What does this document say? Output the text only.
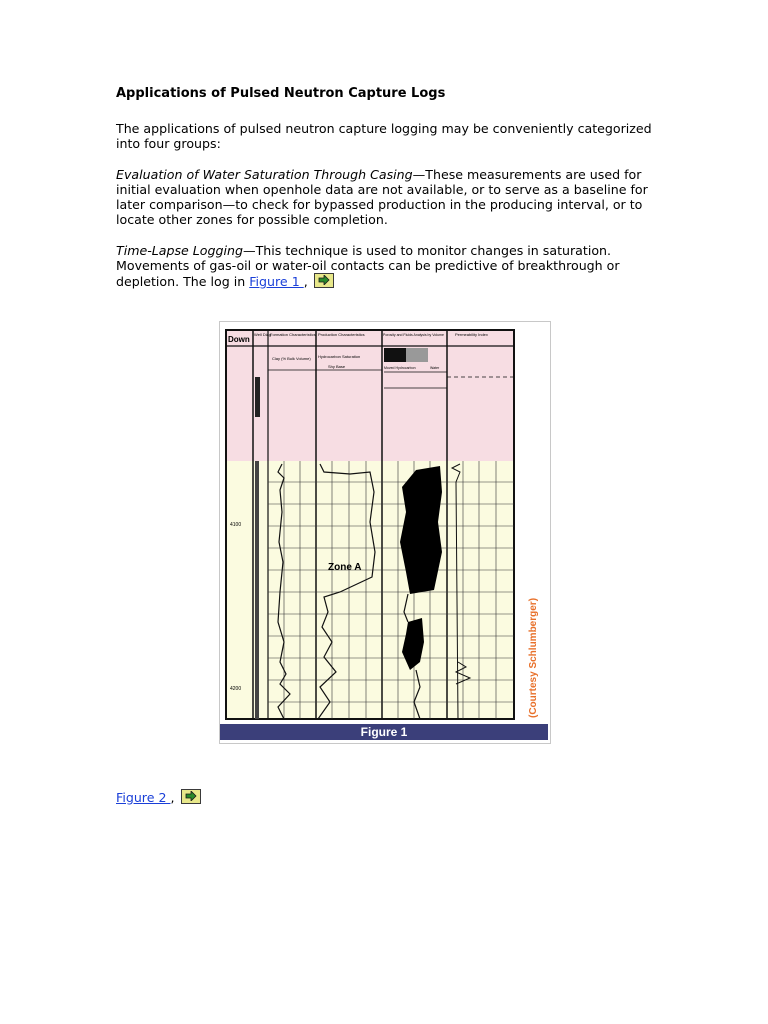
Applications of Pulsed Neutron Capture Logs

The applications of pulsed neutron capture logging may be conveniently categorized into four groups:

Evaluation of Water Saturation Through Casing—These measurements are used for initial evaluation when openhole data are not available, or to serve as a baseline for later comparison—to check for bypassed production in the producing interval, or to locate other zones for possible completion.

Time-Lapse Logging—This technique is used to monitor changes in saturation. Movements of gas-oil or water-oil contacts can be predictive of breakthrough or depletion. The log in Figure 1 ,

Down
Well Diag.
Formation Characteristics Production Characteristics	Porosity and Fluids Analysis by Volume	Permeability Index
Clay (% Bulk Volume) Hydrocarbon Saturation
Shy Base	Moved Hydrocarbon	Water
4100
4200
Zone A
(Courtesy Schlumberger)
Figure 1
Figure 2 ,
